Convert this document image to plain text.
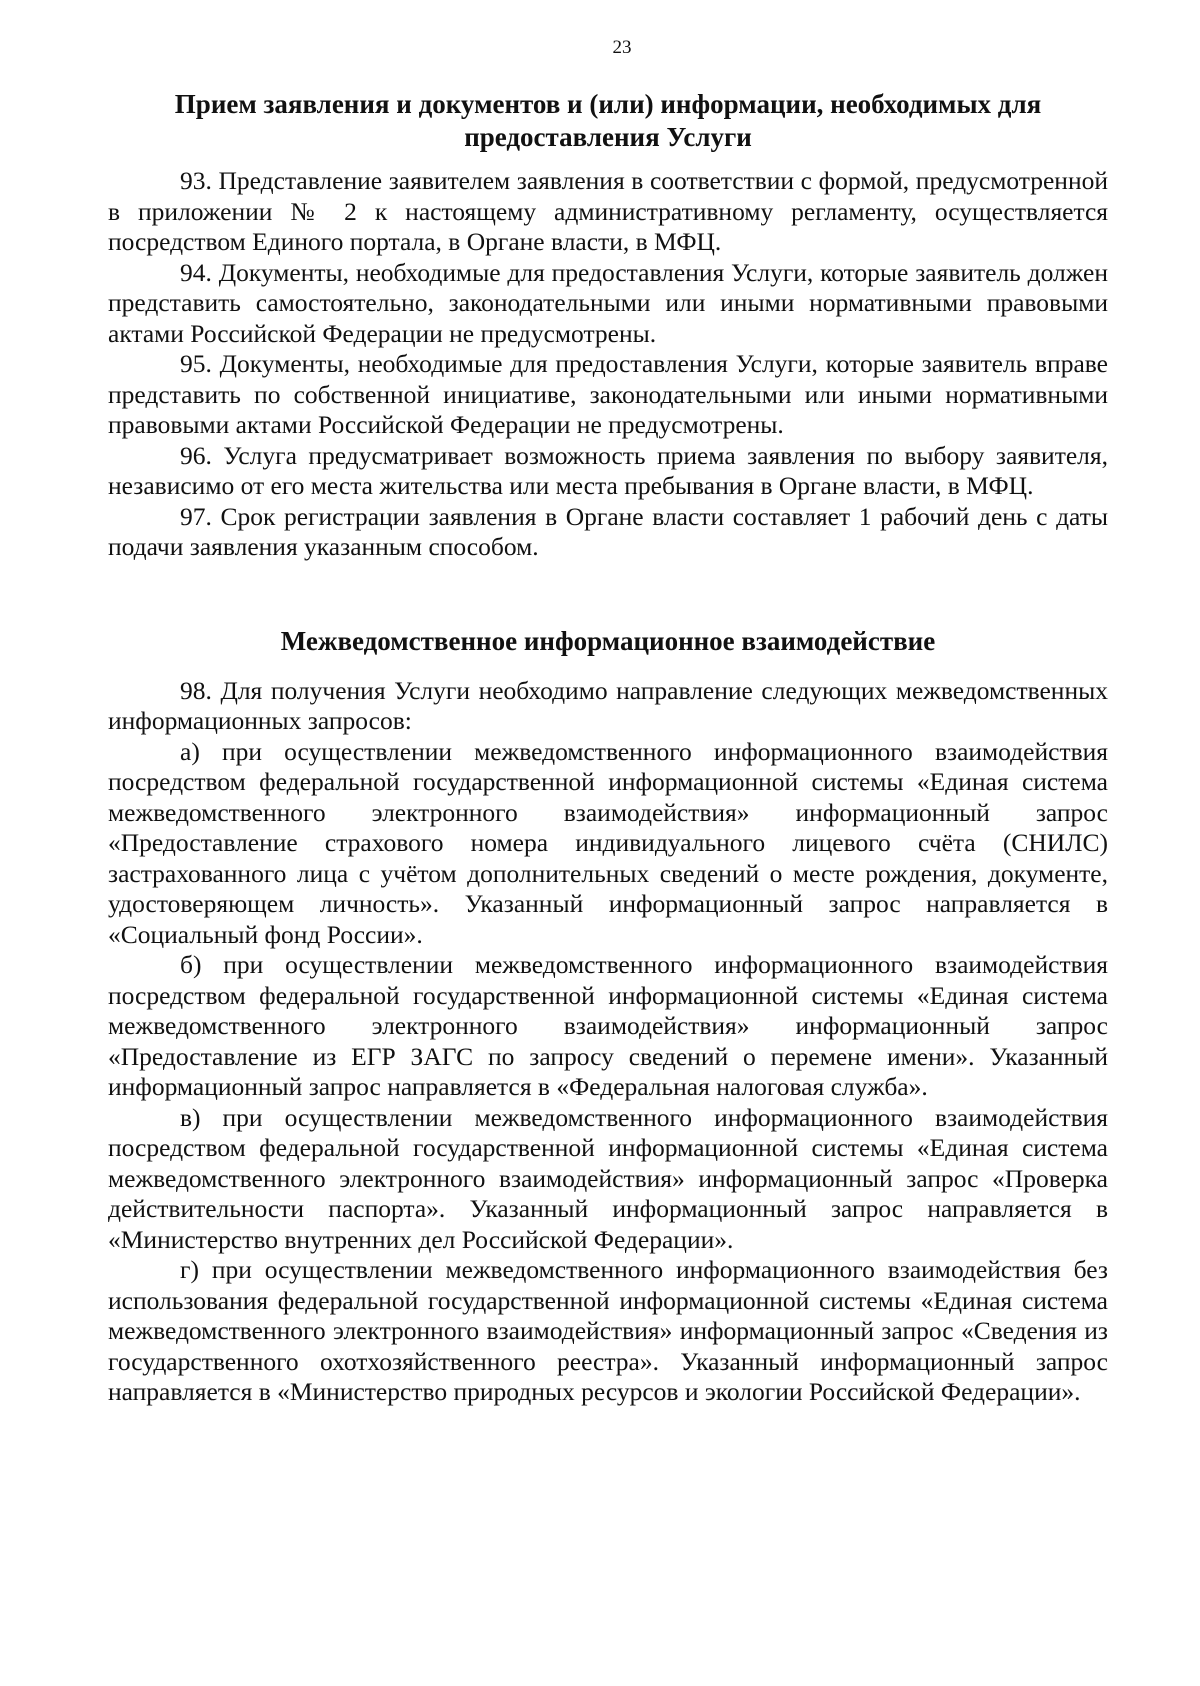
23
Прием заявления и документов и (или) информации, необходимых для
предоставления Услуги

93. Представление заявителем заявления в соответствии с формой, предусмотренной в приложении № 2 к настоящему административному регламенту, осуществляется посредством Единого портала, в Органе власти, в МФЦ.

94. Документы, необходимые для предоставления Услуги, которые заявитель должен представить самостоятельно, законодательными или иными нормативными правовыми актами Российской Федерации не предусмотрены.

95. Документы, необходимые для предоставления Услуги, которые заявитель вправе представить по собственной инициативе, законодательными или иными нормативными правовыми актами Российской Федерации не предусмотрены.

96. Услуга предусматривает возможность приема заявления по выбору заявителя, независимо от его места жительства или места пребывания в Органе власти, в МФЦ.

97. Срок регистрации заявления в Органе власти составляет 1 рабочий день с даты подачи заявления указанным способом.

Межведомственное информационное взаимодействие

98. Для получения Услуги необходимо направление следующих межведомственных информационных запросов:

а) при осуществлении межведомственного информационного взаимодействия посредством федеральной государственной информационной системы «Единая система межведомственного электронного взаимодействия» информационный запрос «Предоставление страхового номера индивидуального лицевого счёта (СНИЛС) застрахованного лица с учётом дополнительных сведений о месте рождения, документе, удостоверяющем личность». Указанный информационный запрос направляется в «Социальный фонд России».

б) при осуществлении межведомственного информационного взаимодействия посредством федеральной государственной информационной системы «Единая система межведомственного электронного взаимодействия» информационный запрос «Предоставление из ЕГР ЗАГС по запросу сведений о перемене имени». Указанный информационный запрос направляется в «Федеральная налоговая служба».

в) при осуществлении межведомственного информационного взаимодействия посредством федеральной государственной информационной системы «Единая система межведомственного электронного взаимодействия» информационный запрос «Проверка действительности паспорта». Указанный информационный запрос направляется в «Министерство внутренних дел Российской Федерации».

г) при осуществлении межведомственного информационного взаимодействия без использования федеральной государственной информационной системы «Единая система межведомственного электронного взаимодействия» информационный запрос «Сведения из государственного охотхозяйственного реестра». Указанный информационный запрос направляется в «Министерство природных ресурсов и экологии Российской Федерации».
